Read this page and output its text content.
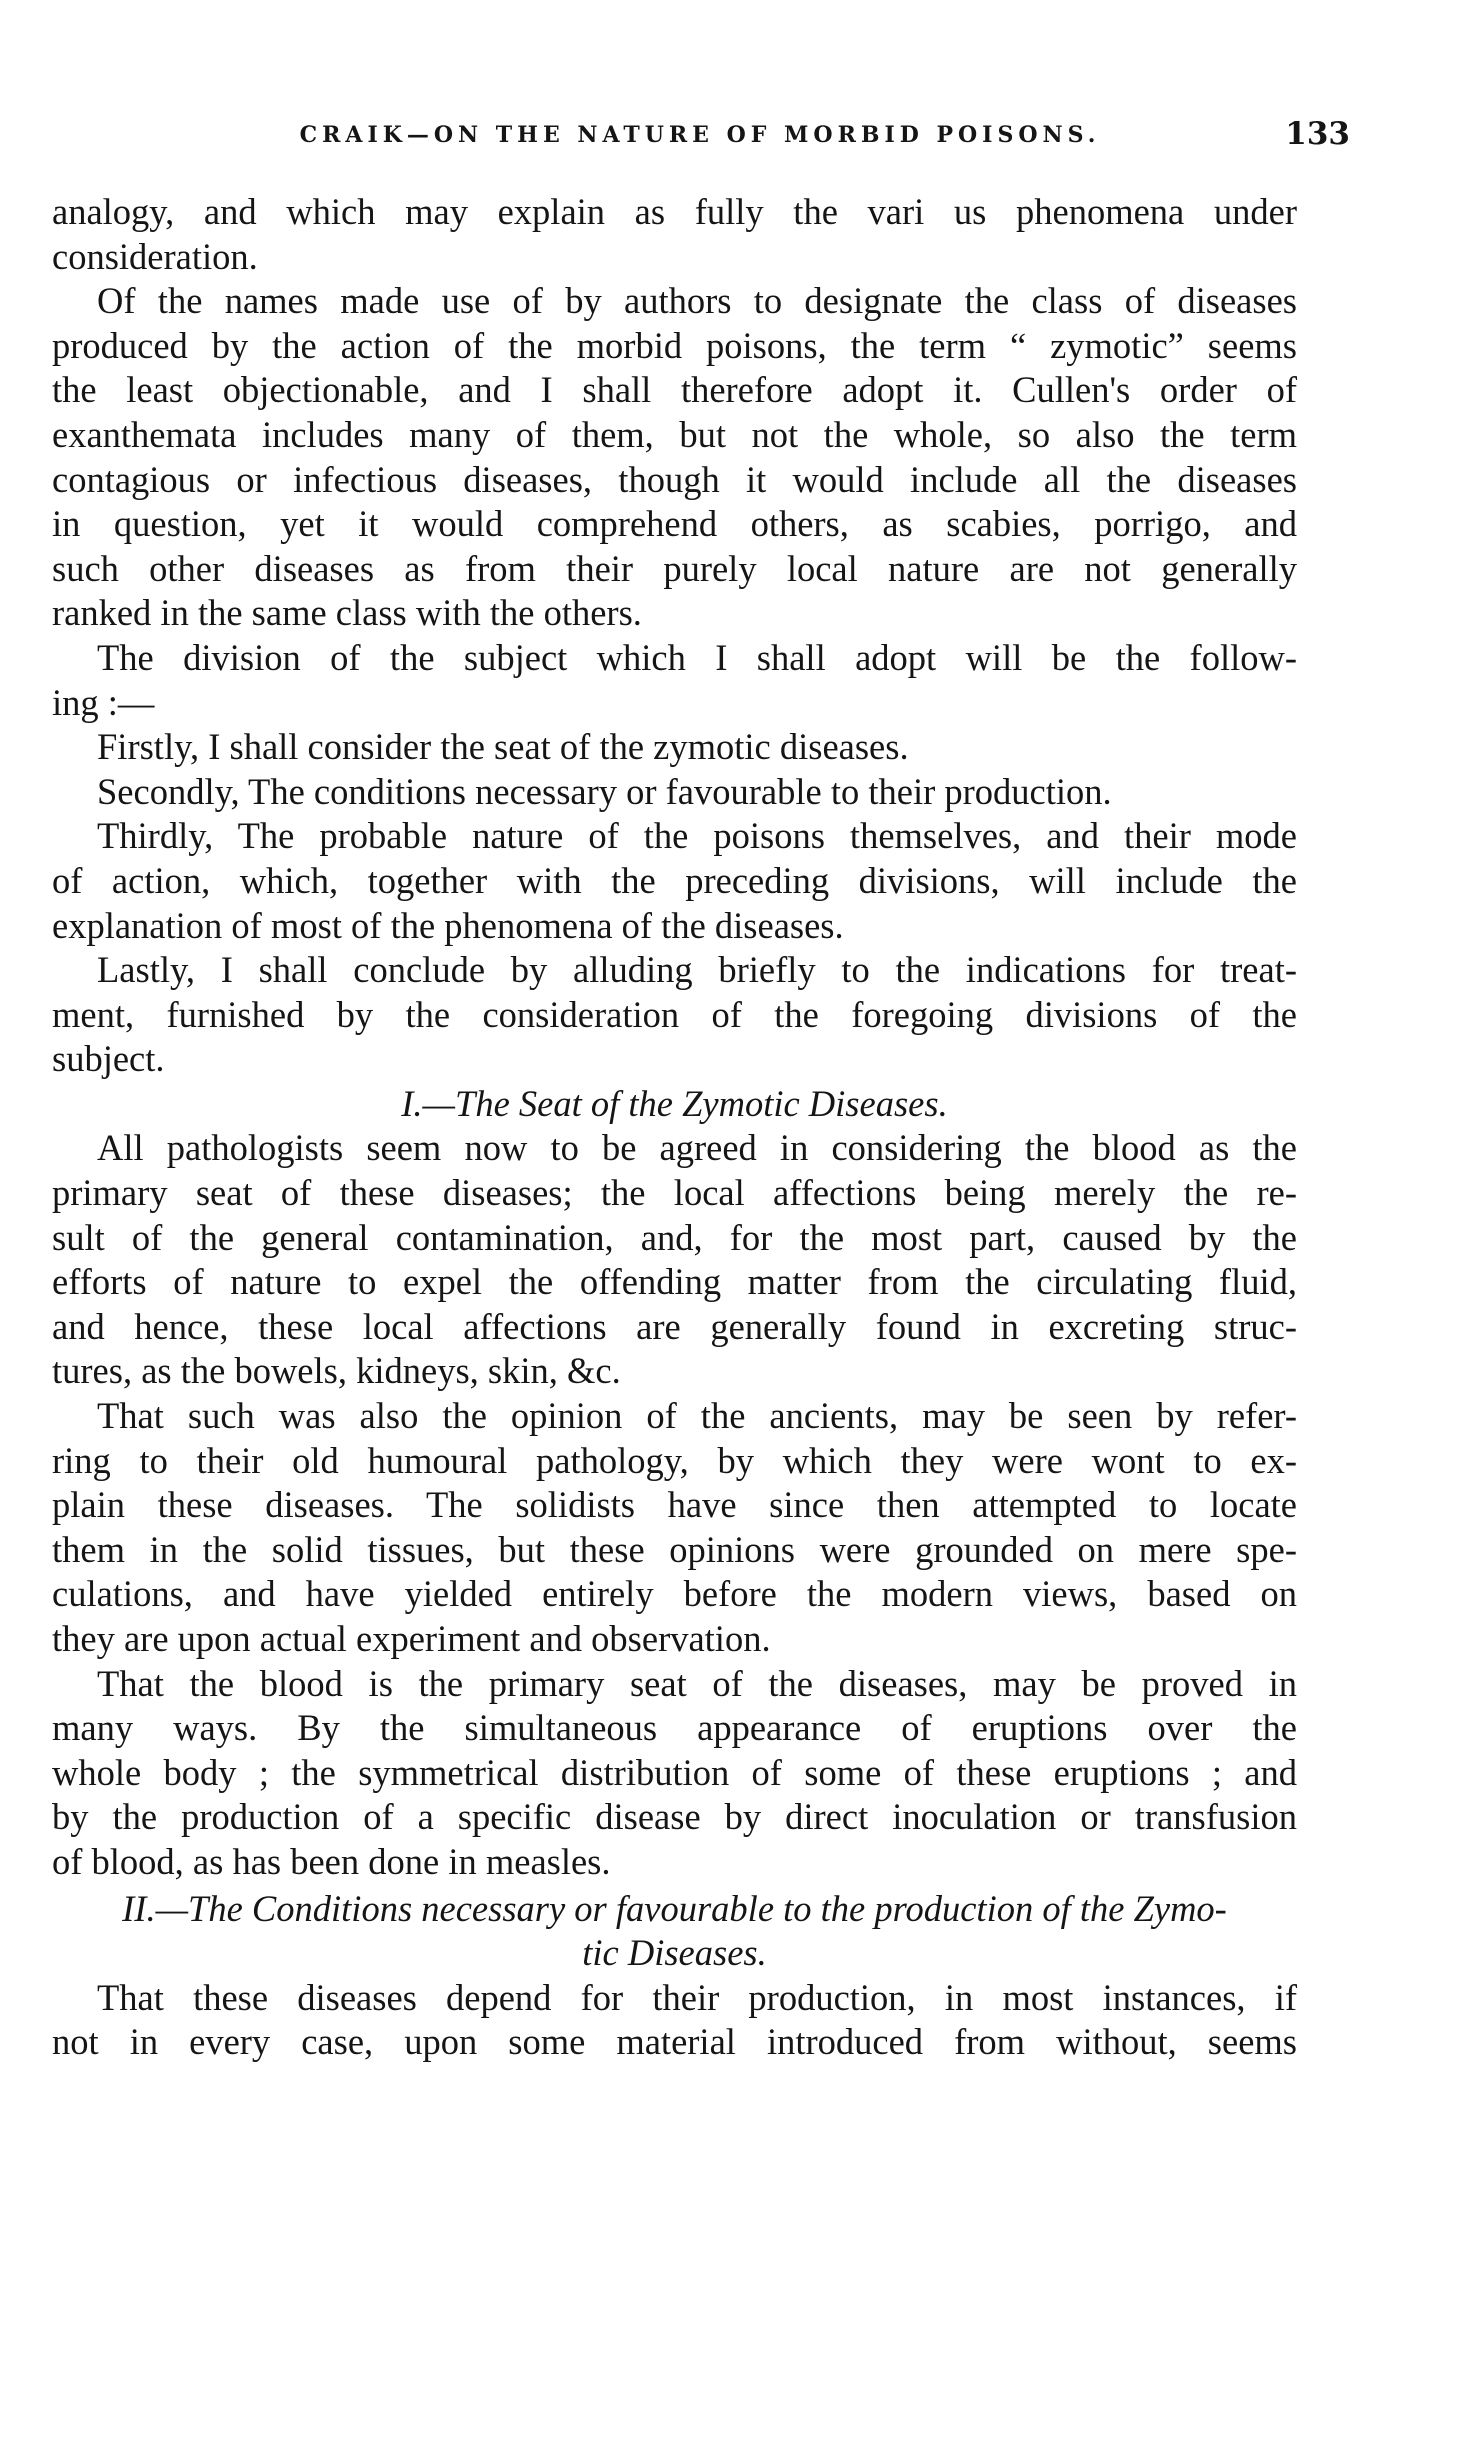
CRAIK—ON THE NATURE OF MORBID POISONS.	133
analogy, and which may explain as fully the vari us phenomena under
consideration.
Of the names made use of by authors to designate the class of diseases
produced by the action of the morbid poisons, the term “ zymotic” seems
the least objectionable, and I shall therefore adopt it. Cullen's order of
exanthemata includes many of them, but not the whole, so also the term
contagious or infectious diseases, though it would include all the diseases
in question, yet it would comprehend others, as scabies, porrigo, and
such other diseases as from their purely local nature are not generally
ranked in the same class with the others.
The division of the subject which I shall adopt will be the follow-
ing :—
Firstly, I shall consider the seat of the zymotic diseases.
Secondly, The conditions necessary or favourable to their production.
Thirdly, The probable nature of the poisons themselves, and their mode
of action, which, together with the preceding divisions, will include the
explanation of most of the phenomena of the diseases.
Lastly, I shall conclude by alluding briefly to the indications for treat-
ment, furnished by the consideration of the foregoing divisions of the
subject.
I.—The Seat of the Zymotic Diseases.
All pathologists seem now to be agreed in considering the blood as the
primary seat of these diseases; the local affections being merely the re-
sult of the general contamination, and, for the most part, caused by the
efforts of nature to expel the offending matter from the circulating fluid,
and hence, these local affections are generally found in excreting struc-
tures, as the bowels, kidneys, skin, &c.
That such was also the opinion of the ancients, may be seen by refer-
ring to their old humoural pathology, by which they were wont to ex-
plain these diseases. The solidists have since then attempted to locate
them in the solid tissues, but these opinions were grounded on mere spe-
culations, and have yielded entirely before the modern views, based on
they are upon actual experiment and observation.
That the blood is the primary seat of the diseases, may be proved in
many ways. By the simultaneous appearance of eruptions over the
whole body ; the symmetrical distribution of some of these eruptions ; and
by the production of a specific disease by direct inoculation or transfusion
of blood, as has been done in measles.
II.—The Conditions necessary or favourable to the production of the Zymo-
tic Diseases.
That these diseases depend for their production, in most instances, if
not in every case, upon some material introduced from without, seems
